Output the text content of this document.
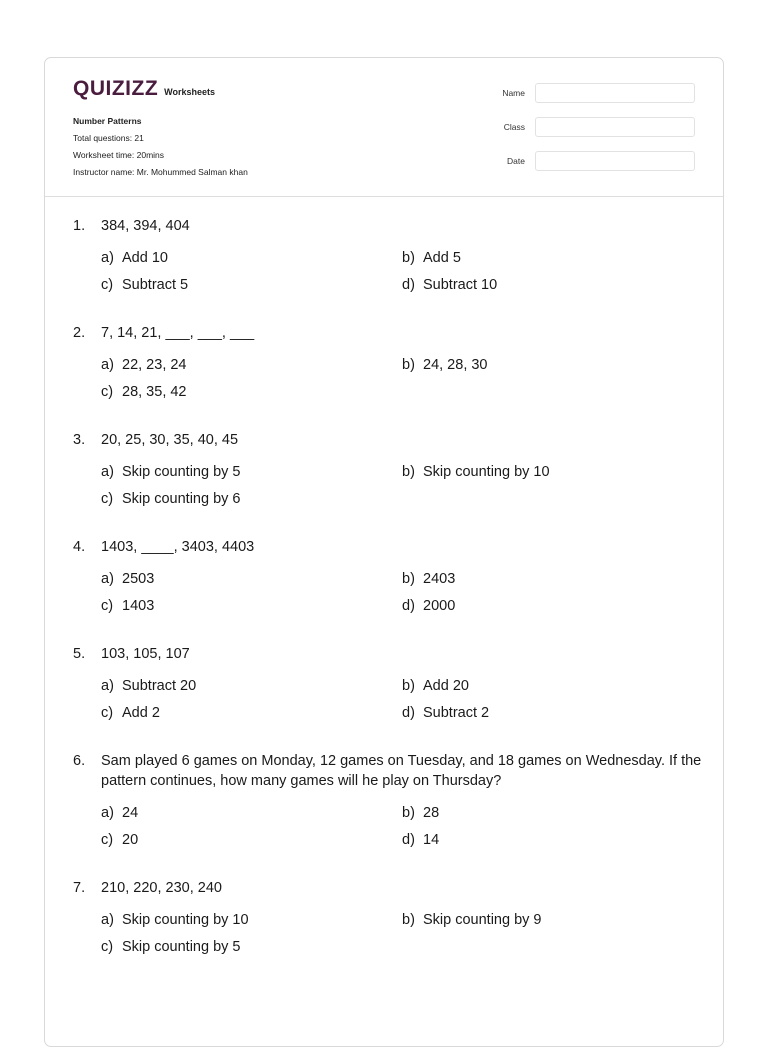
QUIZIZZ Worksheets
Number Patterns
Total questions: 21
Worksheet time: 20mins
Instructor name: Mr. Mohummed Salman khan
Name
Class
Date
1.	384, 394, 404
a) Add 10	b) Add 5
c) Subtract 5	d) Subtract 10
2.	7, 14, 21, ___, ___, ___
a) 22, 23, 24	b) 24, 28, 30
c) 28, 35, 42
3.	20, 25, 30, 35, 40, 45
a) Skip counting by 5	b) Skip counting by 10
c) Skip counting by 6
4.	1403, ____, 3403, 4403
a) 2503	b) 2403
c) 1403	d) 2000
5.	103, 105, 107
a) Subtract 20	b) Add 20
c) Add 2	d) Subtract 2
6.	Sam played 6 games on Monday, 12 games on Tuesday, and 18 games on Wednesday. If the pattern continues, how many games will he play on Thursday?
a) 24	b) 28
c) 20	d) 14
7.	210, 220, 230, 240
a) Skip counting by 10	b) Skip counting by 9
c) Skip counting by 5
